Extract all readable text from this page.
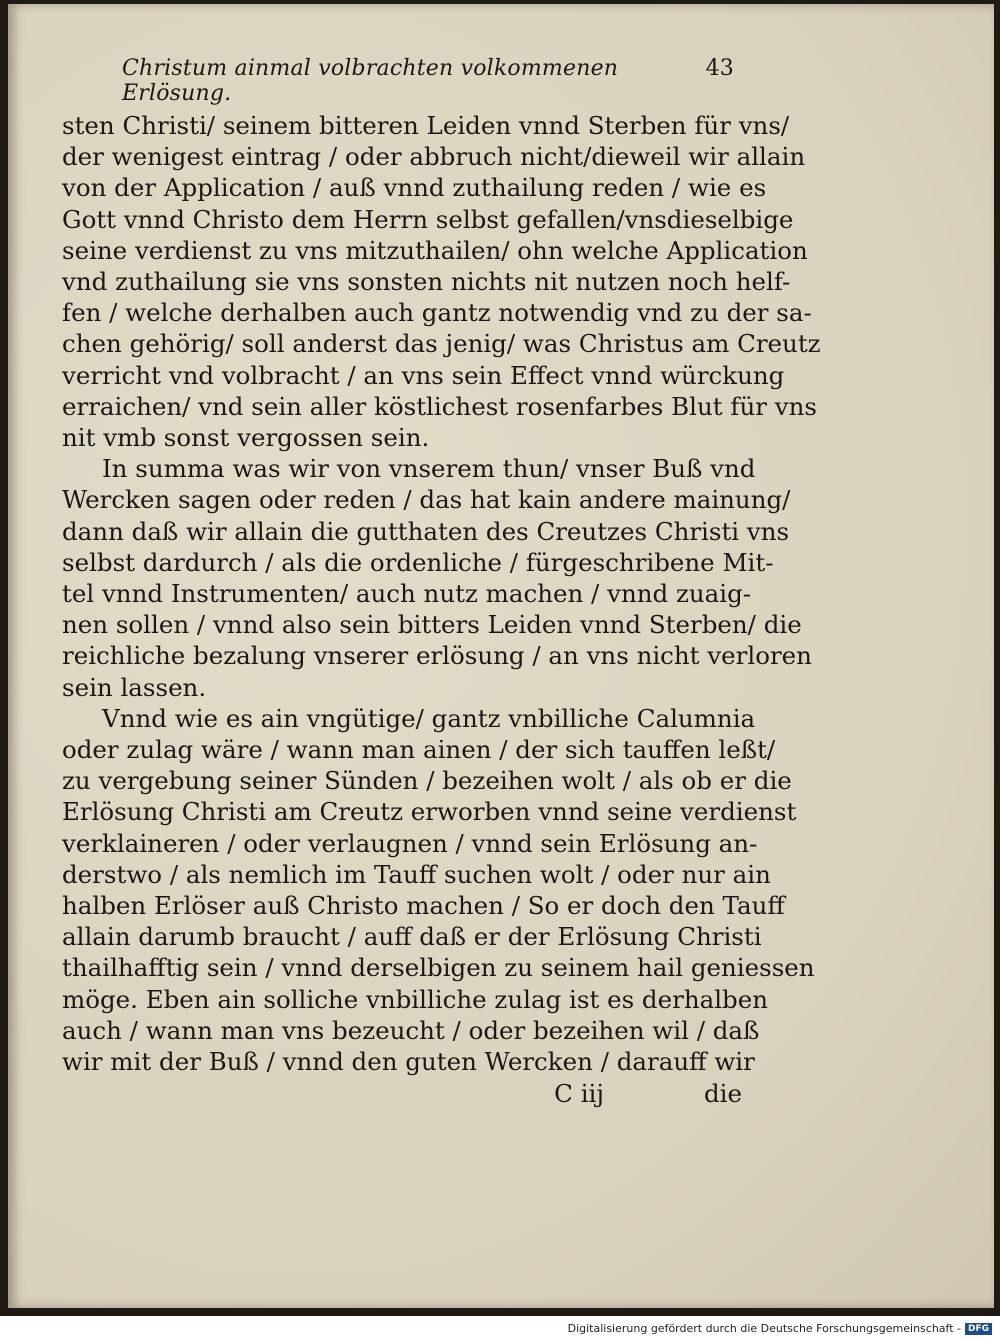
Christum ainmal volbrachten volkommenen Erlösung.
43
sten Christi/ seinem bitteren Leiden vnnd Sterben für vns/
der wenigest eintrag / oder abbruch nicht/dieweil wir allain
von der Application / auß vnnd zuthailung reden / wie es
Gott vnnd Christo dem Herrn selbst gefallen/vnsdieselbige
seine verdienst zu vns mitzuthailen/ ohn welche Application
vnd zuthailung sie vns sonsten nichts nit nutzen noch helf-
fen / welche derhalben auch gantz notwendig vnd zu der sa-
chen gehörig/ soll anderst das jenig/ was Christus am Creutz
verricht vnd volbracht / an vns sein Effect vnnd würckung
erraichen/ vnd sein aller köstlichest rosenfarbes Blut für vns
nit vmb sonst vergossen sein.
In summa was wir von vnserem thun/ vnser Buß vnd
Wercken sagen oder reden / das hat kain andere mainung/
dann daß wir allain die gutthaten des Creutzes Christi vns
selbst dardurch / als die ordenliche / fürgeschribene Mit-
tel vnnd Instrumenten/ auch nutz machen / vnnd zuaig-
nen sollen / vnnd also sein bitters Leiden vnnd Sterben/ die
reichliche bezalung vnserer erlösung / an vns nicht verloren
sein lassen.
Vnnd wie es ain vngütige/ gantz vnbilliche Calumnia
oder zulag wäre / wann man ainen / der sich tauffen leßt/
zu vergebung seiner Sünden / bezeihen wolt / als ob er die
Erlösung Christi am Creutz erworben vnnd seine verdienst
verklaineren / oder verlaugnen / vnnd sein Erlösung an-
derstwo / als nemlich im Tauff suchen wolt / oder nur ain
halben Erlöser auß Christo machen / So er doch den Tauff
allain darumb braucht / auff daß er der Erlösung Christi
thailhafftig sein / vnnd derselbigen zu seinem hail geniessen
möge. Eben ain solliche vnbilliche zulag ist es derhalben
auch / wann man vns bezeucht / oder bezeihen wil / daß
wir mit der Buß / vnnd den guten Wercken / darauff wir
C iij	die
Digitalisierung gefördert durch die Deutsche Forschungsgemeinschaft - DFG
